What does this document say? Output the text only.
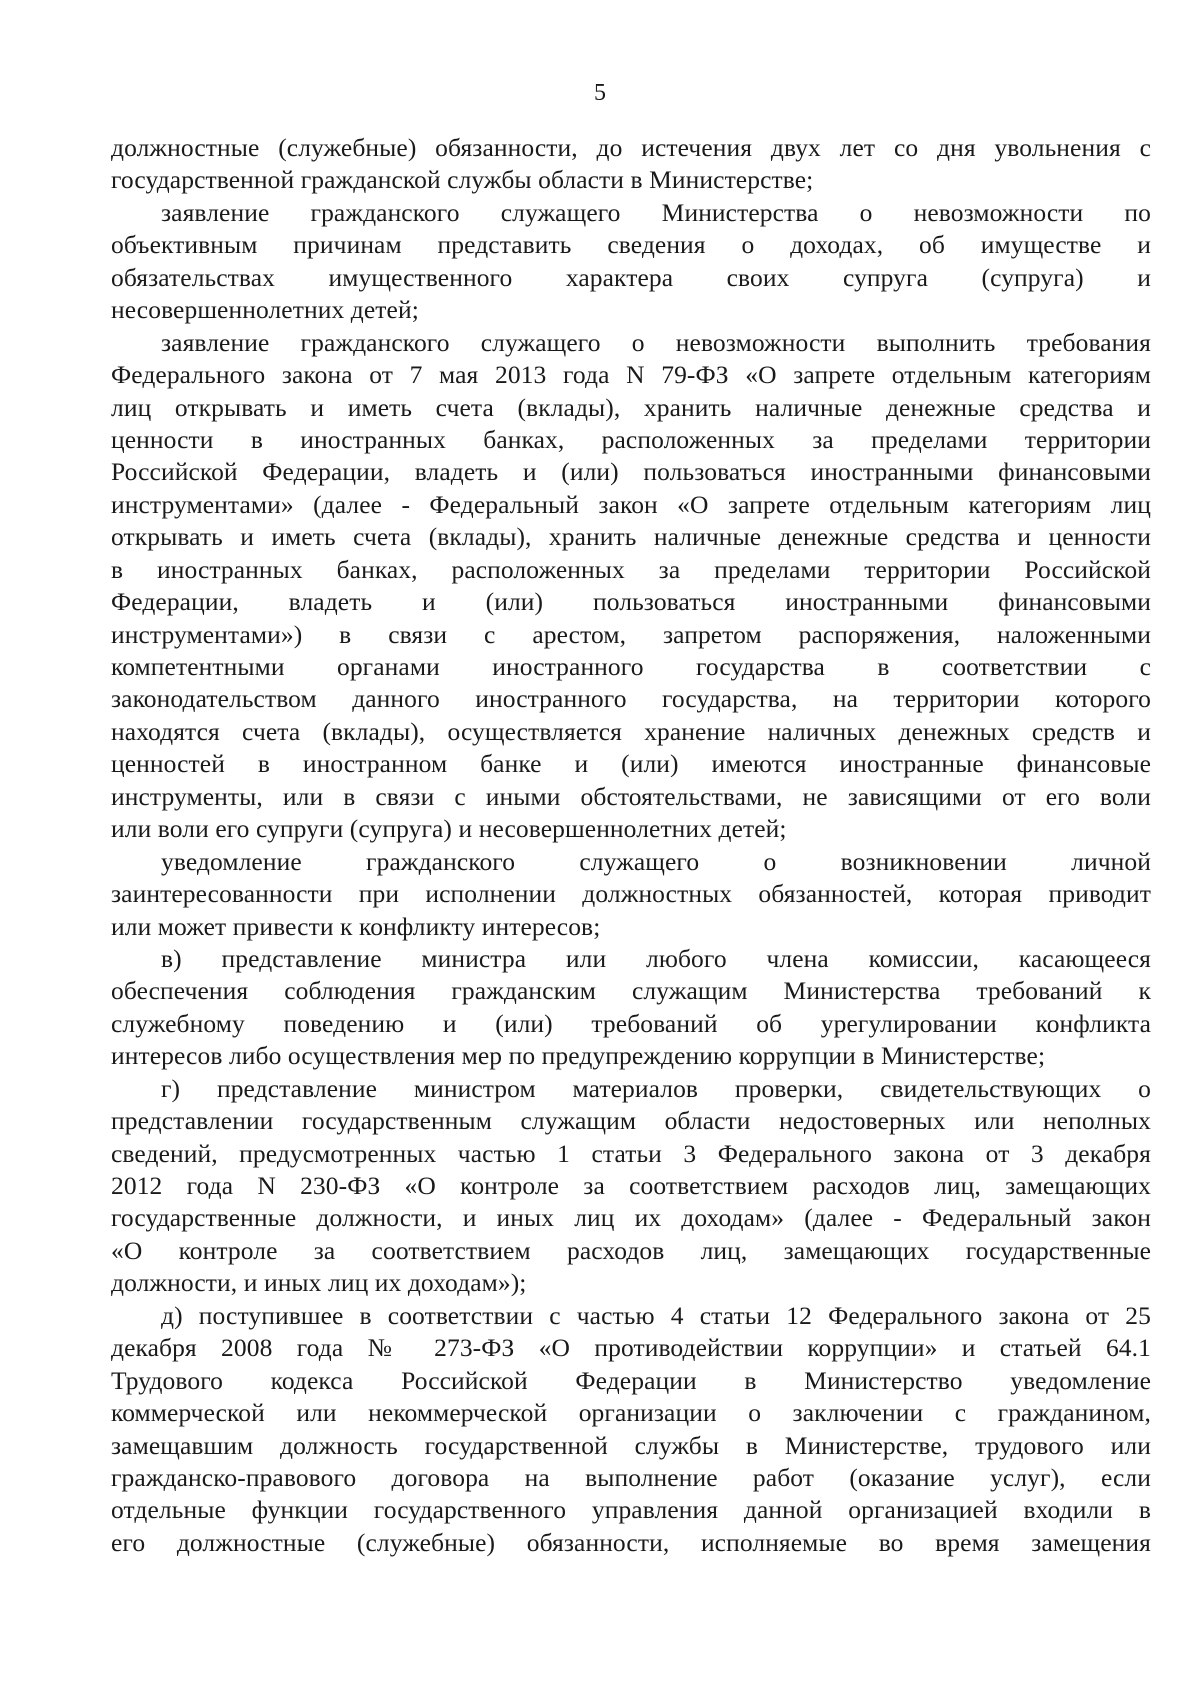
5

должностные (служебные) обязанности, до истечения двух лет со дня увольнения с
государственной гражданской службы области в Министерстве;
заявление гражданского служащего Министерства о невозможности по
объективным причинам представить сведения о доходах, об имуществе и
обязательствах имущественного характера своих супруга (супруга) и
несовершеннолетних детей;
заявление гражданского служащего о невозможности выполнить требования
Федерального закона от 7 мая 2013 года N 79-ФЗ «О запрете отдельным категориям
лиц открывать и иметь счета (вклады), хранить наличные денежные средства и
ценности в иностранных банках, расположенных за пределами территории
Российской Федерации, владеть и (или) пользоваться иностранными финансовыми
инструментами» (далее - Федеральный закон «О запрете отдельным категориям лиц
открывать и иметь счета (вклады), хранить наличные денежные средства и ценности
в иностранных банках, расположенных за пределами территории Российской
Федерации, владеть и (или) пользоваться иностранными финансовыми
инструментами») в связи с арестом, запретом распоряжения, наложенными
компетентными органами иностранного государства в соответствии с
законодательством данного иностранного государства, на территории которого
находятся счета (вклады), осуществляется хранение наличных денежных средств и
ценностей в иностранном банке и (или) имеются иностранные финансовые
инструменты, или в связи с иными обстоятельствами, не зависящими от его воли
или воли его супруги (супруга) и несовершеннолетних детей;
уведомление гражданского служащего о возникновении личной
заинтересованности при исполнении должностных обязанностей, которая приводит
или может привести к конфликту интересов;
в) представление министра или любого члена комиссии, касающееся
обеспечения соблюдения гражданским служащим Министерства требований к
служебному поведению и (или) требований об урегулировании конфликта
интересов либо осуществления мер по предупреждению коррупции в Министерстве;
г) представление министром материалов проверки, свидетельствующих о
представлении государственным служащим области недостоверных или неполных
сведений, предусмотренных частью 1 статьи 3 Федерального закона от 3 декабря
2012 года N 230-ФЗ «О контроле за соответствием расходов лиц, замещающих
государственные должности, и иных лиц их доходам» (далее - Федеральный закон
«О контроле за соответствием расходов лиц, замещающих государственные
должности, и иных лиц их доходам»);
д) поступившее в соответствии с частью 4 статьи 12 Федерального закона от 25
декабря 2008 года № 273-ФЗ «О противодействии коррупции» и статьей 64.1
Трудового кодекса Российской Федерации в Министерство уведомление
коммерческой или некоммерческой организации о заключении с гражданином,
замещавшим должность государственной службы в Министерстве, трудового или
гражданско-правового договора на выполнение работ (оказание услуг), если
отдельные функции государственного управления данной организацией входили в
его должностные (служебные) обязанности, исполняемые во время замещения
